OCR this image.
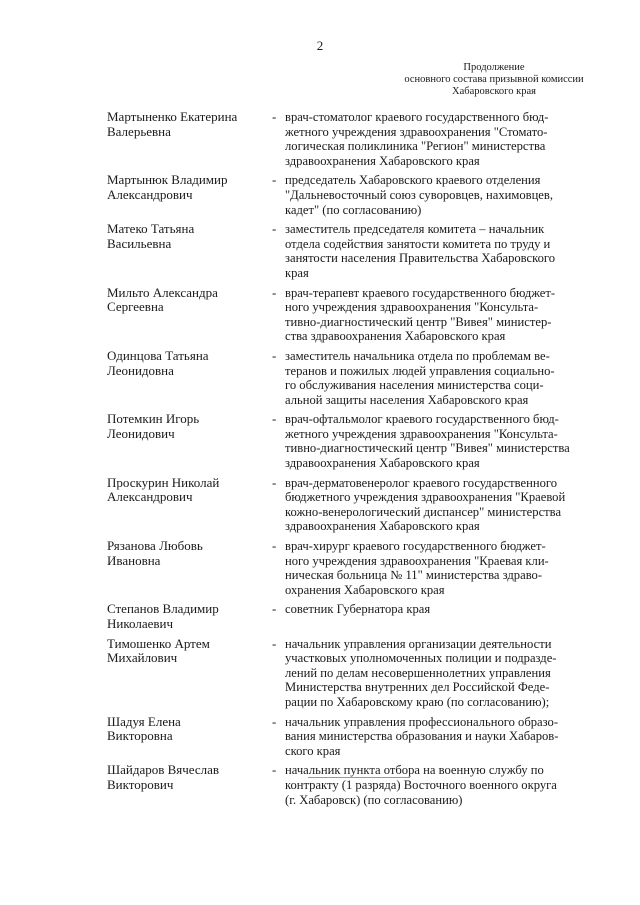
2
Продолжение
основного состава призывной комиссии
Хабаровского края
Мартыненко Екатерина
Валерьевна
- врач-стоматолог краевого государственного бюд-
жетного учреждения здравоохранения "Стомато-
логическая поликлиника "Регион" министерства
здравоохранения Хабаровского края
Мартынюк Владимир
Александрович
- председатель Хабаровского краевого отделения
"Дальневосточный союз суворовцев, нахимовцев,
кадет" (по согласованию)
Матеко Татьяна
Васильевна
- заместитель председателя комитета – начальник
отдела содействия занятости комитета по труду и
занятости населения Правительства Хабаровского
края
Мильто Александра
Сергеевна
- врач-терапевт краевого государственного бюджет-
ного учреждения здравоохранения "Консульта-
тивно-диагностический центр "Вивея" министер-
ства здравоохранения Хабаровского края
Одинцова Татьяна
Леонидовна
- заместитель начальника отдела по проблемам ве-
теранов и пожилых людей управления социально-
го обслуживания населения министерства соци-
альной защиты населения Хабаровского края
Потемкин Игорь
Леонидович
- врач-офтальмолог краевого государственного бюд-
жетного учреждения здравоохранения "Консульта-
тивно-диагностический центр "Вивея" министерства
здравоохранения Хабаровского края
Проскурин Николай
Александрович
- врач-дерматовенеролог краевого государственного
бюджетного учреждения здравоохранения "Краевой
кожно-венерологический диспансер" министерства
здравоохранения Хабаровского края
Рязанова Любовь
Ивановна
- врач-хирург краевого государственного бюджет-
ного учреждения здравоохранения "Краевая кли-
ническая больница № 11" министерства здраво-
охранения Хабаровского края
Степанов Владимир
Николаевич
- советник Губернатора края
Тимошенко Артем
Михайлович
- начальник управления организации деятельности
участковых уполномоченных полиции и подразде-
лений по делам несовершеннолетних управления
Министерства внутренних дел Российской Феде-
рации по Хабаровскому краю (по согласованию);
Шадуя Елена
Викторовна
- начальник управления профессионального образо-
вания министерства образования и науки Хабаров-
ского края
Шайдаров Вячеслав
Викторович
- начальник пункта отбора на военную службу по
контракту (1 разряда) Восточного военного округа
(г. Хабаровск) (по согласованию)
